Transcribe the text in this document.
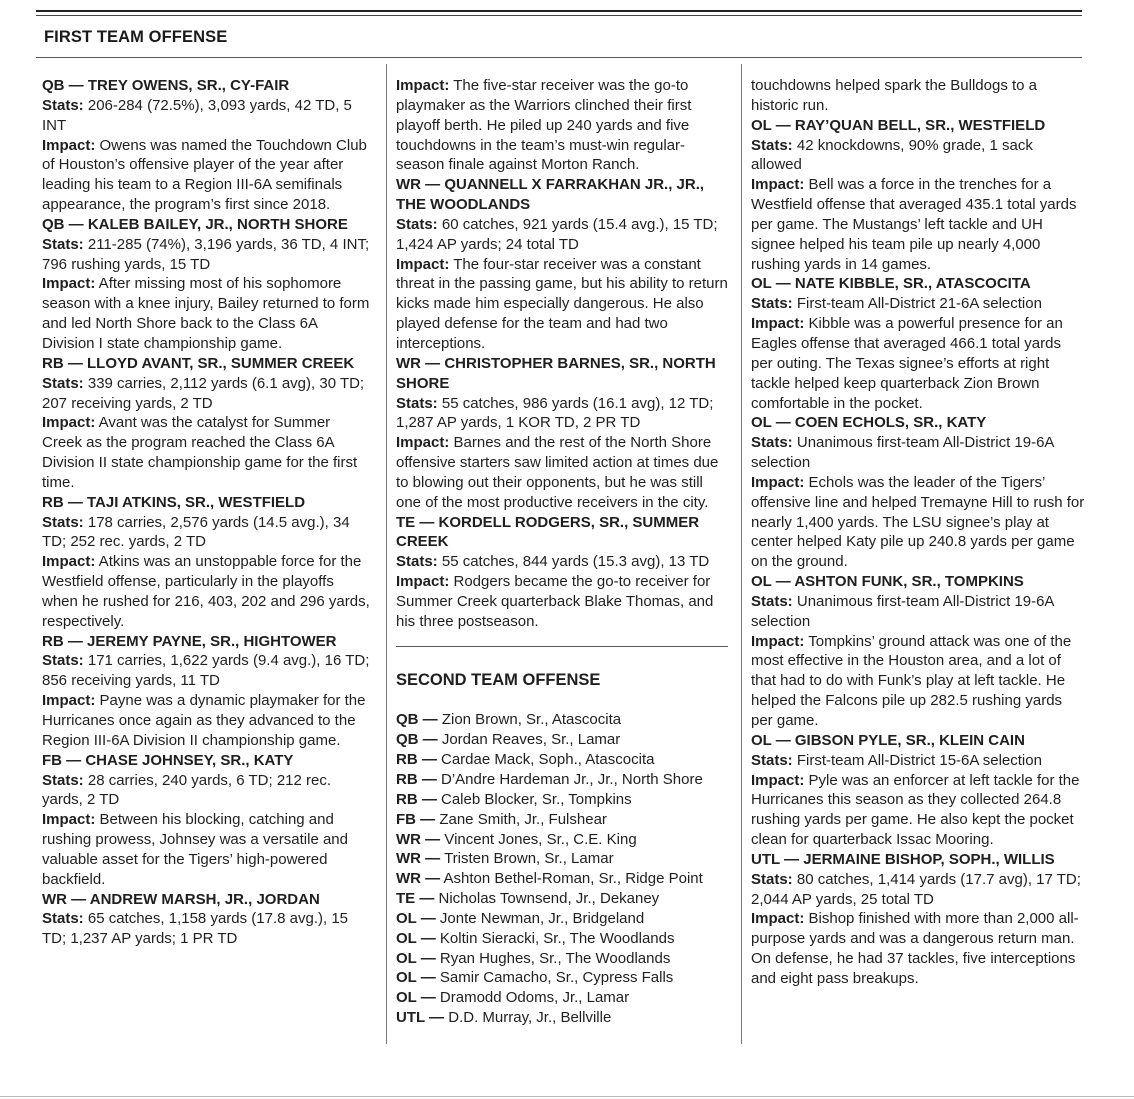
FIRST TEAM OFFENSE
QB — TREY OWENS, SR., CY-FAIR
Stats: 206-284 (72.5%), 3,093 yards, 42 TD, 5 INT
Impact: Owens was named the Touchdown Club of Houston’s offensive player of the year after leading his team to a Region III-6A semifinals appearance, the program’s first since 2018.
QB — KALEB BAILEY, JR., NORTH SHORE
Stats: 211-285 (74%), 3,196 yards, 36 TD, 4 INT; 796 rushing yards, 15 TD
Impact: After missing most of his sophomore season with a knee injury, Bailey returned to form and led North Shore back to the Class 6A Division I state championship game.
RB — LLOYD AVANT, SR., SUMMER CREEK
Stats: 339 carries, 2,112 yards (6.1 avg), 30 TD; 207 receiving yards, 2 TD
Impact: Avant was the catalyst for Summer Creek as the program reached the Class 6A Division II state championship game for the first time.
RB — TAJI ATKINS, SR., WESTFIELD
Stats: 178 carries, 2,576 yards (14.5 avg.), 34 TD; 252 rec. yards, 2 TD
Impact: Atkins was an unstoppable force for the Westfield offense, particularly in the playoffs when he rushed for 216, 403, 202 and 296 yards, respectively.
RB — JEREMY PAYNE, SR., HIGHTOWER
Stats: 171 carries, 1,622 yards (9.4 avg.), 16 TD; 856 receiving yards, 11 TD
Impact: Payne was a dynamic playmaker for the Hurricanes once again as they advanced to the Region III-6A Division II championship game.
FB — CHASE JOHNSEY, SR., KATY
Stats: 28 carries, 240 yards, 6 TD; 212 rec. yards, 2 TD
Impact: Between his blocking, catching and rushing prowess, Johnsey was a versatile and valuable asset for the Tigers’ high-powered backfield.
WR — ANDREW MARSH, JR., JORDAN
Stats: 65 catches, 1,158 yards (17.8 avg.), 15 TD; 1,237 AP yards; 1 PR TD
Impact: The five-star receiver was the go-to playmaker as the Warriors clinched their first playoff berth. He piled up 240 yards and five touchdowns in the team’s must-win regular-season finale against Morton Ranch.
WR — QUANNELL X FARRAKHAN JR., JR., THE WOODLANDS
Stats: 60 catches, 921 yards (15.4 avg.), 15 TD; 1,424 AP yards; 24 total TD
Impact: The four-star receiver was a constant threat in the passing game, but his ability to return kicks made him especially dangerous. He also played defense for the team and had two interceptions.
WR — CHRISTOPHER BARNES, SR., NORTH SHORE
Stats: 55 catches, 986 yards (16.1 avg), 12 TD; 1,287 AP yards, 1 KOR TD, 2 PR TD
Impact: Barnes and the rest of the North Shore offensive starters saw limited action at times due to blowing out their opponents, but he was still one of the most productive receivers in the city.
TE — KORDELL RODGERS, SR., SUMMER CREEK
Stats: 55 catches, 844 yards (15.3 avg), 13 TD
Impact: Rodgers became the go-to receiver for Summer Creek quarterback Blake Thomas, and his three postseason.
SECOND TEAM OFFENSE
QB — Zion Brown, Sr., Atascocita
QB — Jordan Reaves, Sr., Lamar
RB — Cardae Mack, Soph., Atascocita
RB — D’Andre Hardeman Jr., Jr., North Shore
RB — Caleb Blocker, Sr., Tompkins
FB — Zane Smith, Jr., Fulshear
WR — Vincent Jones, Sr., C.E. King
WR — Tristen Brown, Sr., Lamar
WR — Ashton Bethel-Roman, Sr., Ridge Point
TE — Nicholas Townsend, Jr., Dekaney
OL — Jonte Newman, Jr., Bridgeland
OL — Koltin Sieracki, Sr., The Woodlands
OL — Ryan Hughes, Sr., The Woodlands
OL — Samir Camacho, Sr., Cypress Falls
OL — Dramodd Odoms, Jr., Lamar
UTL — D.D. Murray, Jr., Bellville
touchdowns helped spark the Bulldogs to a historic run.
OL — RAY’QUAN BELL, SR., WESTFIELD
Stats: 42 knockdowns, 90% grade, 1 sack allowed
Impact: Bell was a force in the trenches for a Westfield offense that averaged 435.1 total yards per game. The Mustangs’ left tackle and UH signee helped his team pile up nearly 4,000 rushing yards in 14 games.
OL — NATE KIBBLE, SR., ATASCOCITA
Stats: First-team All-District 21-6A selection
Impact: Kibble was a powerful presence for an Eagles offense that averaged 466.1 total yards per outing. The Texas signee’s efforts at right tackle helped keep quarterback Zion Brown comfortable in the pocket.
OL — COEN ECHOLS, SR., KATY
Stats: Unanimous first-team All-District 19-6A selection
Impact: Echols was the leader of the Tigers’ offensive line and helped Tremayne Hill to rush for nearly 1,400 yards. The LSU signee’s play at center helped Katy pile up 240.8 yards per game on the ground.
OL — ASHTON FUNK, SR., TOMPKINS
Stats: Unanimous first-team All-District 19-6A selection
Impact: Tompkins’ ground attack was one of the most effective in the Houston area, and a lot of that had to do with Funk’s play at left tackle. He helped the Falcons pile up 282.5 rushing yards per game.
OL — GIBSON PYLE, SR., KLEIN CAIN
Stats: First-team All-District 15-6A selection
Impact: Pyle was an enforcer at left tackle for the Hurricanes this season as they collected 264.8 rushing yards per game. He also kept the pocket clean for quarterback Issac Mooring.
UTL — JERMAINE BISHOP, SOPH., WILLIS
Stats: 80 catches, 1,414 yards (17.7 avg), 17 TD; 2,044 AP yards, 25 total TD
Impact: Bishop finished with more than 2,000 all-purpose yards and was a dangerous return man. On defense, he had 37 tackles, five interceptions and eight pass breakups.
